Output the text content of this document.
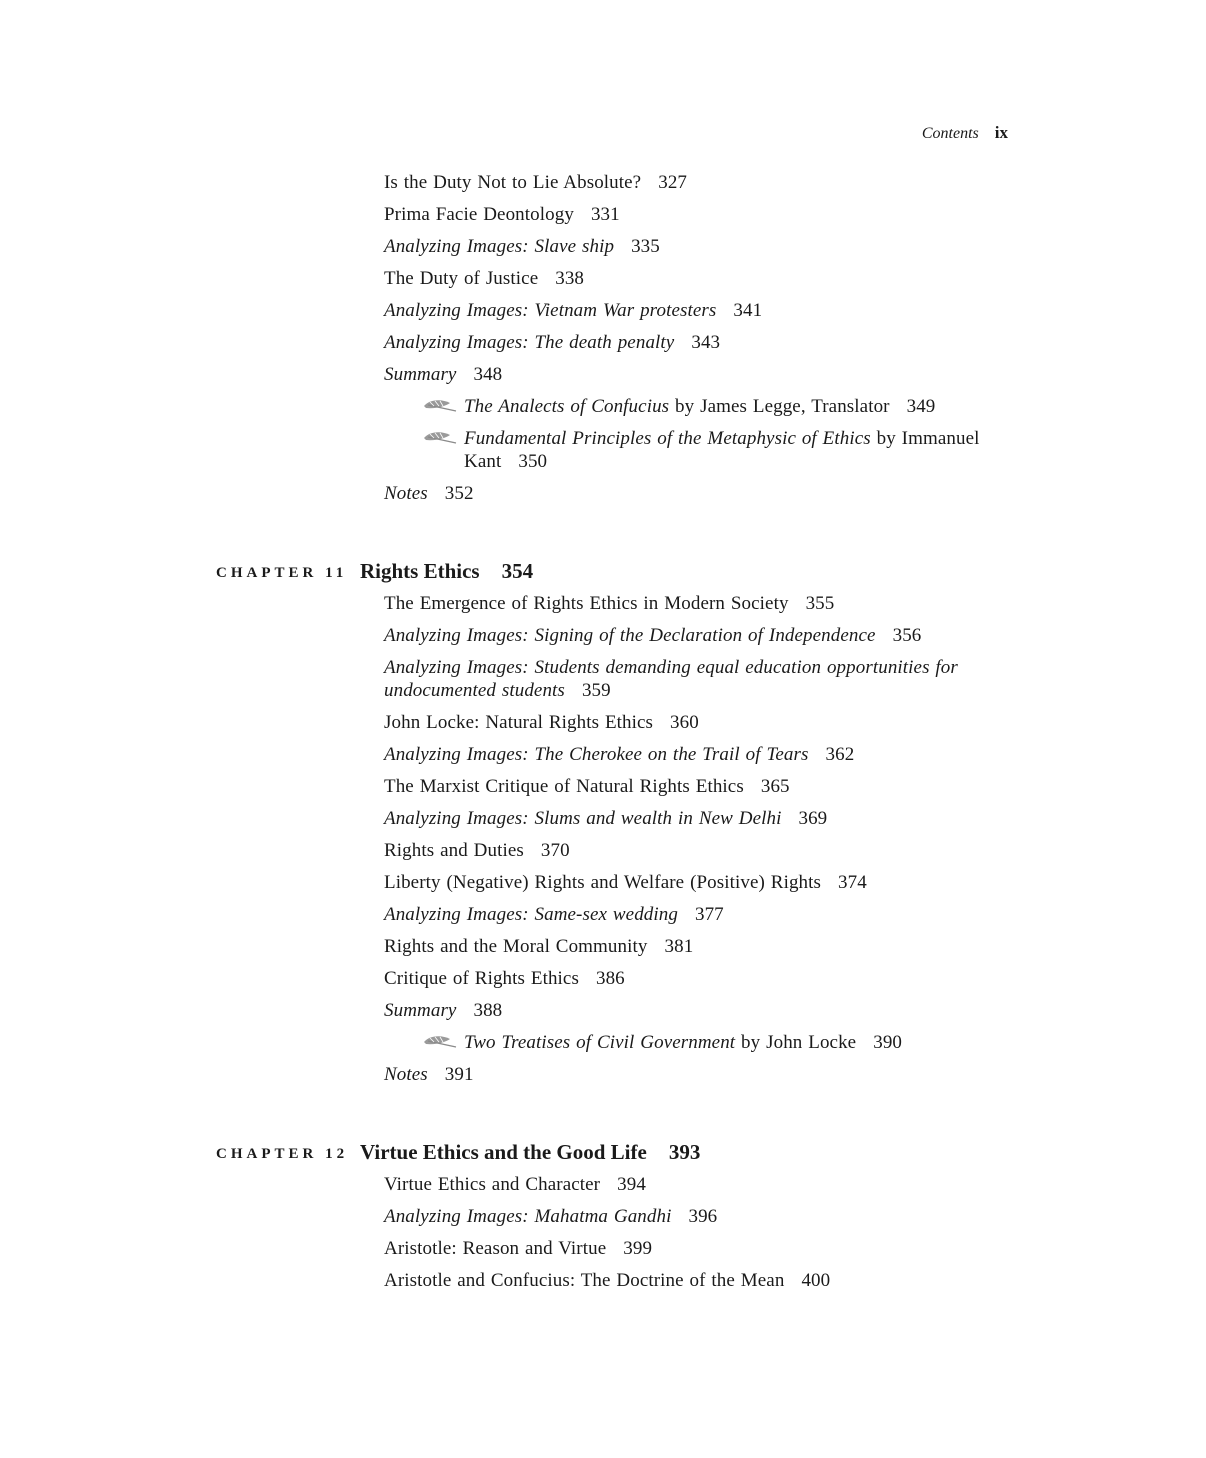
Contents ix
Is the Duty Not to Lie Absolute? 327
Prima Facie Deontology 331
Analyzing Images: Slave ship 335
The Duty of Justice 338
Analyzing Images: Vietnam War protesters 341
Analyzing Images: The death penalty 343
Summary 348
The Analects of Confucius by James Legge, Translator 349
Fundamental Principles of the Metaphysic of Ethics by Immanuel Kant 350
Notes 352
CHAPTER 11 Rights Ethics 354
The Emergence of Rights Ethics in Modern Society 355
Analyzing Images: Signing of the Declaration of Independence 356
Analyzing Images: Students demanding equal education opportunities for undocumented students 359
John Locke: Natural Rights Ethics 360
Analyzing Images: The Cherokee on the Trail of Tears 362
The Marxist Critique of Natural Rights Ethics 365
Analyzing Images: Slums and wealth in New Delhi 369
Rights and Duties 370
Liberty (Negative) Rights and Welfare (Positive) Rights 374
Analyzing Images: Same-sex wedding 377
Rights and the Moral Community 381
Critique of Rights Ethics 386
Summary 388
Two Treatises of Civil Government by John Locke 390
Notes 391
CHAPTER 12 Virtue Ethics and the Good Life 393
Virtue Ethics and Character 394
Analyzing Images: Mahatma Gandhi 396
Aristotle: Reason and Virtue 399
Aristotle and Confucius: The Doctrine of the Mean 400
